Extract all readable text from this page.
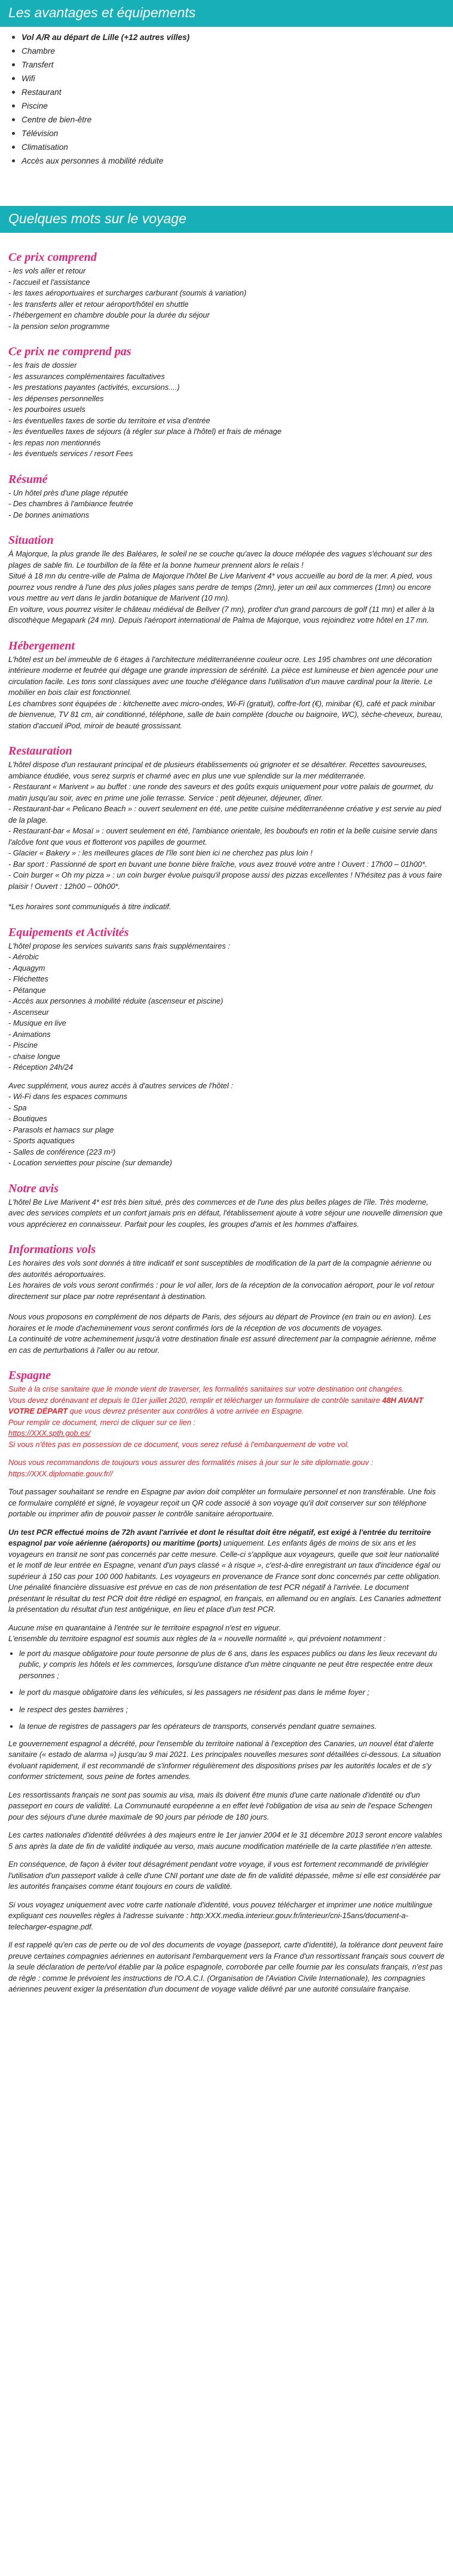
Les avantages et équipements
Vol A/R au départ de Lille (+12 autres villes)
Chambre
Transfert
Wifi
Restaurant
Piscine
Centre de bien-être
Télévision
Climatisation
Accès aux personnes à mobilité réduite
Quelques mots sur le voyage
Ce prix comprend

- les vols aller et retour

- l'accueil et l'assistance

- les taxes aéroportuaires et surcharges carburant (soumis à variation)

- les transferts aller et retour aéroport/hôtel en shuttle

- l'hébergement en chambre double pour la durée du séjour

- la pension selon programme

Ce prix ne comprend pas

- les frais de dossier

- les assurances complémentaires facultatives

- les prestations payantes (activités, excursions....)

- les dépenses personnelles

- les pourboires usuels

- les éventuelles taxes de sortie du territoire et visa d'entrée

- les éventuelles taxes de séjours (à régler sur place à l'hôtel) et frais de ménage

- les repas non mentionnés

- les éventuels services / resort Fees

Résumé

- Un hôtel près d'une plage réputée

- Des chambres à l'ambiance feutrée

- De bonnes animations

Situation

À Majorque, la plus grande île des Baléares, le soleil ne se couche qu'avec la douce mélopée des vagues s'échouant sur des plages de sable fin. Le tourbillon de la fête et la bonne humeur prennent alors le relais !

Situé à 18 mn du centre-ville de Palma de Majorque l'hôtel Be Live Marivent 4* vous accueille au bord de la mer. A pied, vous pourrez vous rendre à l'une des plus jolies plages sans perdre de temps (2mn), jeter un œil aux commerces (1mn) ou encore vous mettre au vert dans le jardin botanique de Marivent (10 mn).

En voiture, vous pourrez visiter le château médiéval de Bellver (7 mn), profiter d'un grand parcours de golf (11 mn) et aller à la discothèque Megapark (24 mn). Depuis l'aéroport international de Palma de Majorque, vous rejoindrez votre hôtel en 17 mn.

Hébergement

L'hôtel est un bel immeuble de 6 étages à l'architecture méditerranéenne couleur ocre. Les 195 chambres ont une décoration intérieure moderne et feutrée qui dégage une grande impression de sérénité. La pièce est lumineuse et bien agencée pour une circulation facile. Les tons sont classiques avec une touche d'élégance dans l'utilisation d'un mauve cardinal pour la literie. Le mobilier en bois clair est fonctionnel.

Les chambres sont équipées de : kitchenette avec micro-ondes, Wi-Fi (gratuit), coffre-fort (€), minibar (€), café et pack minibar de bienvenue, TV 81 cm, air conditionné, téléphone, salle de bain complète (douche ou baignoire, WC), sèche-cheveux, bureau, station d'accueil iPod, miroir de beauté grossissant.

Restauration

L'hôtel dispose d'un restaurant principal et de plusieurs établissements où grignoter et se désaltérer. Recettes savoureuses, ambiance étudiée, vous serez surpris et charmé avec en plus une vue splendide sur la mer méditerranée.

- Restaurant « Marivent » au buffet : une ronde des saveurs et des goûts exquis uniquement pour votre palais de gourmet, du matin jusqu'au soir, avec en prime une jolie terrasse. Service : petit déjeuner, déjeuner, dîner.

- Restaurant-bar « Pelicano Beach » : ouvert seulement en été, une petite cuisine méditerranéenne créative y est servie au pied de la plage.

- Restaurant-bar « Mosaï » : ouvert seulement en été, l'ambiance orientale, les bouboufs en rotin et la belle cuisine servie dans l'alcôve font que vous et flotteront vos papilles de gourmet.

- Glacier « Bakery » : les meilleures glaces de l'île sont bien ici ne cherchez pas plus loin !

- Bar sport : Passionné de sport en buvant une bonne bière fraîche, vous avez trouvé votre antre ! Ouvert : 17h00 – 01h00*.

- Coin burger « Oh my pizza » : un coin burger évolue puisqu'il propose aussi des pizzas excellentes ! N'hésitez pas à vous faire plaisir ! Ouvert : 12h00 – 00h00*.

*Les horaires sont communiqués à titre indicatif.

Equipements et Activités

L'hôtel propose les services suivants sans frais supplémentaires :

- Aérobic

- Aquagym

- Fléchettes

- Pétanque

- Accès aux personnes à mobilité réduite (ascenseur et piscine)

- Ascenseur

- Musique en live

- Animations

- Piscine

- chaise longue

- Réception 24h/24

Avec supplément, vous aurez accès à d'autres services de l'hôtel :

- Wi-Fi dans les espaces communs

- Spa

- Boutiques

- Parasols et hamacs sur plage

- Sports aquatiques

- Salles de conférence (223 m²)

- Location serviettes pour piscine (sur demande)

Notre avis

L'hôtel Be Live Marivent 4* est très bien situé, près des commerces et de l'une des plus belles plages de l'île. Très moderne, avec des services complets et un confort jamais pris en défaut, l'établissement ajoute à votre séjour une nouvelle dimension que vous apprécierez en connaisseur. Parfait pour les couples, les groupes d'amis et les hommes d'affaires.

Informations vols

Les horaires des vols sont donnés à titre indicatif et sont susceptibles de modification de la part de la compagnie aérienne ou des autorités aéroportuaires.

Les horaires de vols vous seront confirmés : pour le vol aller, lors de la réception de la convocation aéroport, pour le vol retour directement sur place par notre représentant à destination.

Nous vous proposons en complément de nos départs de Paris, des séjours au départ de Province (en train ou en avion). Les horaires et le mode d'acheminement vous seront confirmés lors de la réception de vos documents de voyages.

La continuité de votre acheminement jusqu'à votre destination finale est assuré directement par la compagnie aérienne, même en cas de perturbations à l'aller ou au retour.

Espagne

Suite à la crise sanitaire que le monde vient de traverser, les formalités sanitaires sur votre destination ont changées.

Vous devez dorénavant et depuis le 01er juillet 2020, remplir et télécharger un formulaire de contrôle sanitaire 48H AVANT VOTRE DÉPART que vous devrez présenter aux contrôles à votre arrivée en Espagne.

Pour remplir ce document, merci de cliquer sur ce lien :

https://XXX.spth.gob.es/

Si vous n'êtes pas en possession de ce document, vous serez refusé à l'embarquement de votre vol.

Nous vous recommandons de toujours vous assurer des formalités mises à jour sur le site diplomatie.gouv : https://XXX.diplomatie.gouv.fr//

Tout passager souhaitant se rendre en Espagne par avion doit compléter un formulaire personnel et non transférable. Une fois ce formulaire complété et signé, le voyageur reçoit un QR code associé à son voyage qu'il doit conserver sur son téléphone portable ou imprimer afin de pouvoir passer le contrôle sanitaire aéroportuaire.

Un test PCR effectué moins de 72h avant l'arrivée et dont le résultat doit être négatif, est exigé à l'entrée du territoire espagnol par voie aérienne (aéroports) ou maritime (ports) uniquement. Les enfants âgés de moins de six ans et les voyageurs en transit ne sont pas concernés par cette mesure. Celle-ci s'applique aux voyageurs, quelle que soit leur nationalité et le motif de leur entrée en Espagne, venant d'un pays classé « à risque », c'est-à-dire enregistrant un taux d'incidence égal ou supérieur à 150 cas pour 100 000 habitants. Les voyageurs en provenance de France sont donc concernés par cette obligation. Une pénalité financière dissuasive est prévue en cas de non présentation de test PCR négatif à l'arrivée. Le document présentant le résultat du test PCR doit être rédigé en espagnol, en français, en allemand ou en anglais. Les Canaries admettent la présentation du résultat d'un test antigénique, en lieu et place d'un test PCR.

Aucune mise en quarantaine à l'entrée sur le territoire espagnol n'est en vigueur.

L'ensemble du territoire espagnol est soumis aux règles de la « nouvelle normalité », qui prévoient notamment :

• le port du masque obligatoire pour toute personne de plus de 6 ans, dans les espaces publics ou dans les lieux recevant du public, y compris les hôtels et les commerces, lorsqu'une distance d'un mètre cinquante ne peut être respectée entre deux personnes ;
• le port du masque obligatoire dans les véhicules, si les passagers ne résident pas dans le même foyer ;
• le respect des gestes barrières ;
• la tenue de registres de passagers par les opérateurs de transports, conservés pendant quatre semaines.

Le gouvernement espagnol a décrété, pour l'ensemble du territoire national à l'exception des Canaries, un nouvel état d'alerte sanitaire (« estado de alarma ») jusqu'au 9 mai 2021. Les principales nouvelles mesures sont détaillées ci-dessous. La situation évoluant rapidement, il est recommandé de s'informer régulièrement des dispositions prises par les autorités locales et de s'y conformer strictement, sous peine de fortes amendes.

Les ressortissants français ne sont pas soumis au visa, mais ils doivent être munis d'une carte nationale d'identité ou d'un passeport en cours de validité. La Communauté européenne a en effet levé l'obligation de visa au sein de l'espace Schengen pour des séjours d'une durée maximale de 90 jours par période de 180 jours.

Les cartes nationales d'identité délivrées à des majeurs entre le 1er janvier 2004 et le 31 décembre 2013 seront encore valables 5 ans après la date de fin de validité indiquée au verso, mais aucune modification matérielle de la carte plastifiée n'en atteste.

En conséquence, de façon à éviter tout désagrément pendant votre voyage, il vous est fortement recommandé de privilégier l'utilisation d'un passeport valide à celle d'une CNI portant une date de fin de validité dépassée, même si elle est considérée par les autorités françaises comme étant toujours en cours de validité.

Si vous voyagez uniquement avec votre carte nationale d'identité, vous pouvez télécharger et imprimer une notice multilingue expliquant ces nouvelles règles à l'adresse suivante : http:XXX.media.interieur.gouv.fr/interieur/cni-15ans/document-a-telecharger-espagne.pdf.

Il est rappelé qu'en cas de perte ou de vol des documents de voyage (passeport, carte d'identité), la tolérance dont peuvent faire preuve certaines compagnies aériennes en autorisant l'embarquement vers la France d'un ressortissant français sous couvert de la seule déclaration de perte/vol établie par la police espagnole, corroborée par celle fournie par les consulats français, n'est pas de règle : comme le prévoient les instructions de l'O.A.C.I. (Organisation de l'Aviation Civile Internationale), les compagnies aériennes peuvent exiger la présentation d'un document de voyage valide délivré par une autorité consulaire française.
